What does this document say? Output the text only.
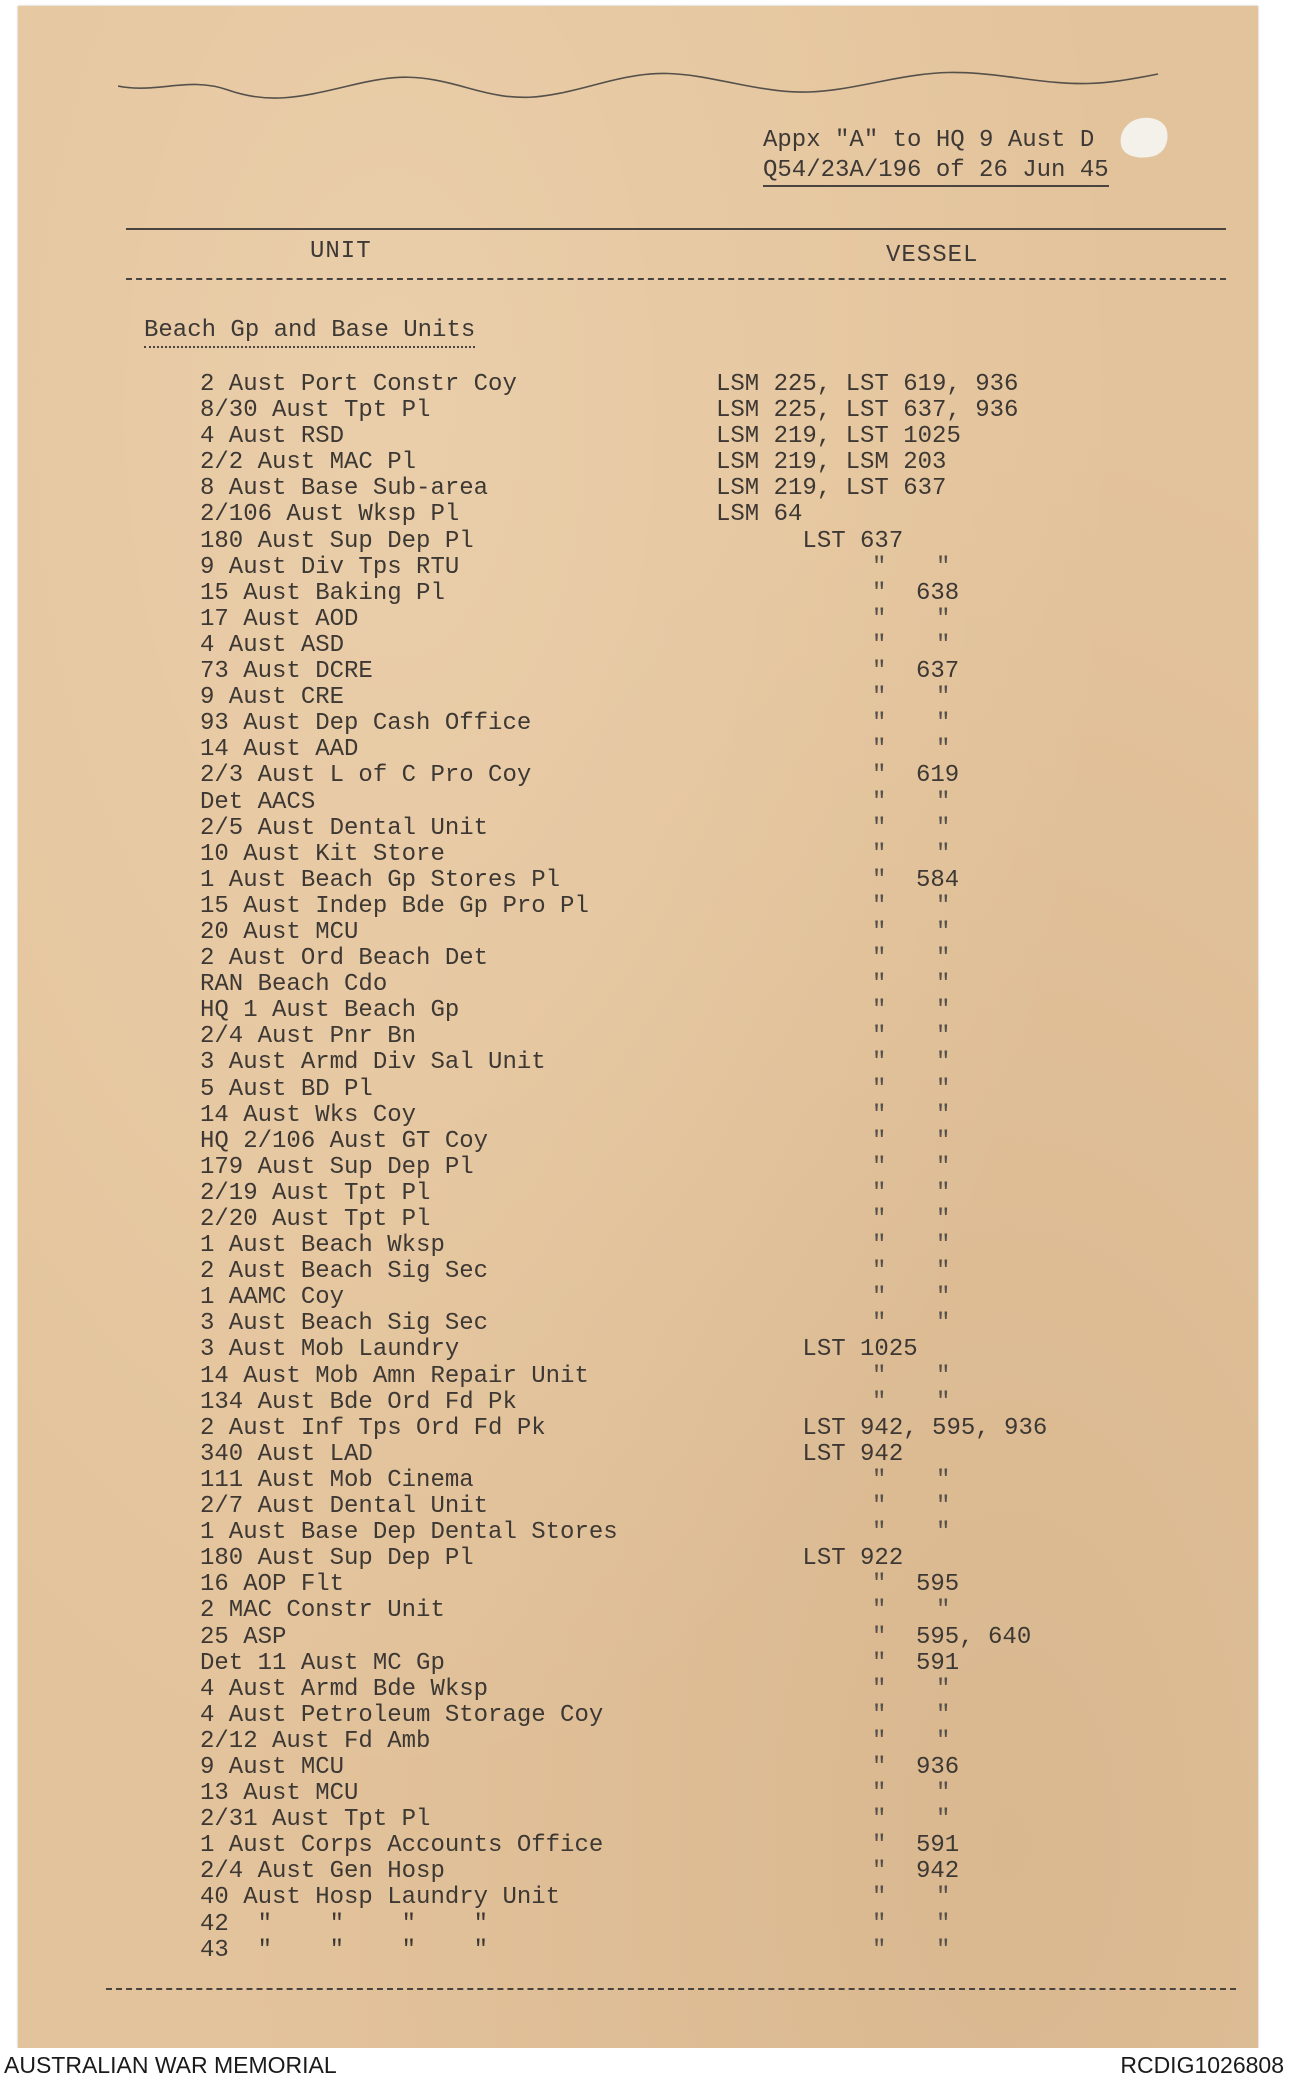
Appx "A" to HQ 9 Aust D
Q54/23A/196 of 26 Jun 45
UNIT	VESSEL
Beach Gp and Base Units
2 Aust Port Constr Coy	LSM 225, LST 619, 936
8/30 Aust Tpt Pl	LSM 225, LST 637, 936
4 Aust RSD	LSM 219, LST 1025
2/2 Aust MAC Pl	LSM 219, LSM 203
8 Aust Base Sub-area	LSM 219, LST 637
2/106 Aust Wksp Pl	LSM 64
180 Aust Sup Dep Pl	LST 637
9 Aust Div Tps RTU	" "
15 Aust Baking Pl	" 638
17 Aust AOD	" "
4 Aust ASD	" "
73 Aust DCRE	" 637
9 Aust CRE	" "
93 Aust Dep Cash Office	" "
14 Aust AAD	" "
2/3 Aust L of C Pro Coy	" 619
Det AACS	" "
2/5 Aust Dental Unit	" "
10 Aust Kit Store	" "
1 Aust Beach Gp Stores Pl	" 584
15 Aust Indep Bde Gp Pro Pl	" "
20 Aust MCU	" "
2 Aust Ord Beach Det	" "
RAN Beach Cdo	" "
HQ 1 Aust Beach Gp	" "
2/4 Aust Pnr Bn	" "
3 Aust Armd Div Sal Unit	" "
5 Aust BD Pl	" "
14 Aust Wks Coy	" "
HQ 2/106 Aust GT Coy	" "
179 Aust Sup Dep Pl	" "
2/19 Aust Tpt Pl	" "
2/20 Aust Tpt Pl	" "
1 Aust Beach Wksp	" "
2 Aust Beach Sig Sec	" "
1 AAMC Coy	" "
3 Aust Beach Sig Sec	" "
3 Aust Mob Laundry	LST 1025
14 Aust Mob Amn Repair Unit	" "
134 Aust Bde Ord Fd Pk	" "
2 Aust Inf Tps Ord Fd Pk	LST 942, 595, 936
340 Aust LAD	LST 942
111 Aust Mob Cinema	" "
2/7 Aust Dental Unit	" "
1 Aust Base Dep Dental Stores	" "
180 Aust Sup Dep Pl	LST 922
16 AOP Flt	" 595
2 MAC Constr Unit	" "
25 ASP	" 595, 640
Det 11 Aust MC Gp	" 591
4 Aust Armd Bde Wksp	" "
4 Aust Petroleum Storage Coy	" "
2/12 Aust Fd Amb	" "
9 Aust MCU	" 936
13 Aust MCU	" "
2/31 Aust Tpt Pl	" "
1 Aust Corps Accounts Office	" 591
2/4 Aust Gen Hosp	" 942
40 Aust Hosp Laundry Unit	" "
42  "    "    "    "	" "
43  "    "    "    "	" "
AUSTRALIAN WAR MEMORIAL	RCDIG1026808
